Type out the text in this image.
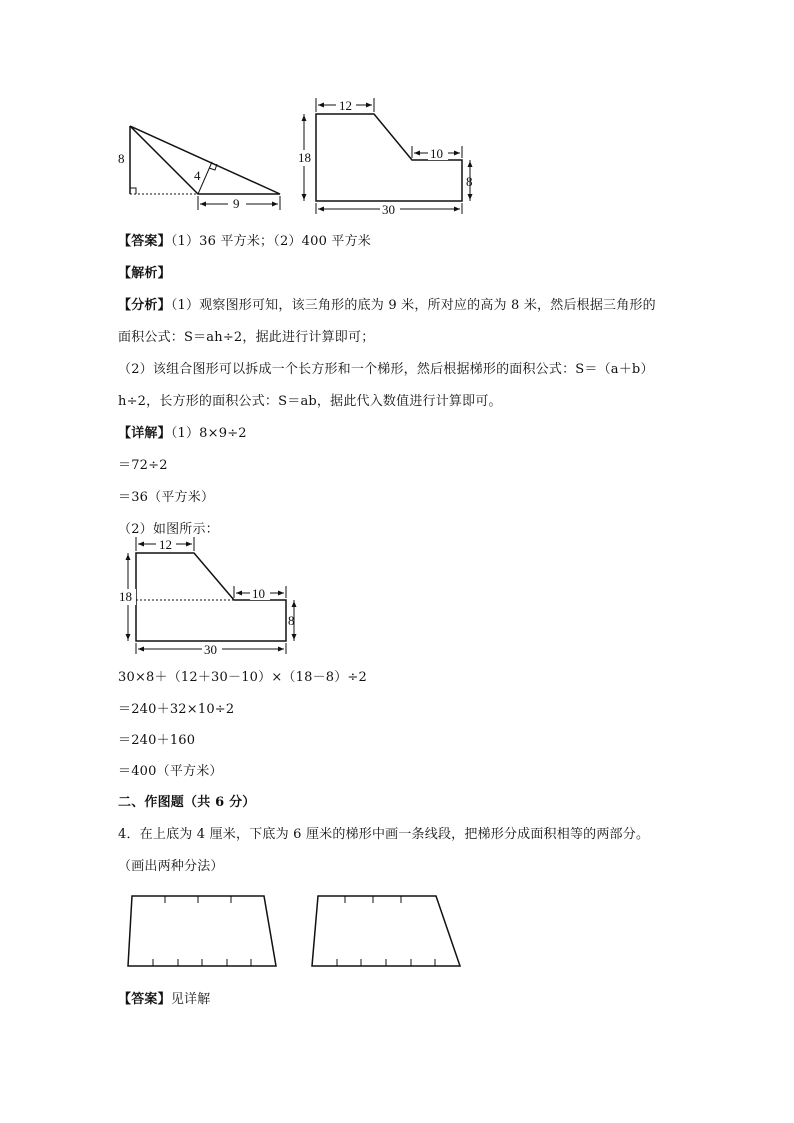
8
4
9
12
10
18
8
30
【答案】（1）36 平方米；（2）400 平方米
【解析】
【分析】（1）观察图形可知，该三角形的底为 9 米，所对应的高为 8 米，然后根据三角形的
面积公式：S＝ah÷2，据此进行计算即可；
（2）该组合图形可以拆成一个长方形和一个梯形，然后根据梯形的面积公式：S＝（a＋b）
h÷2，长方形的面积公式：S＝ab，据此代入数值进行计算即可。
【详解】（1）8×9÷2
＝72÷2
＝36（平方米）
（2）如图所示：
12
10
18
8
30
30×8＋（12＋30－10）×（18－8）÷2
＝240＋32×10÷2
＝240＋160
＝400（平方米）
二、作图题（共 6 分）
4．在上底为 4 厘米，下底为 6 厘米的梯形中画一条线段，把梯形分成面积相等的两部分。
（画出两种分法）
【答案】见详解
